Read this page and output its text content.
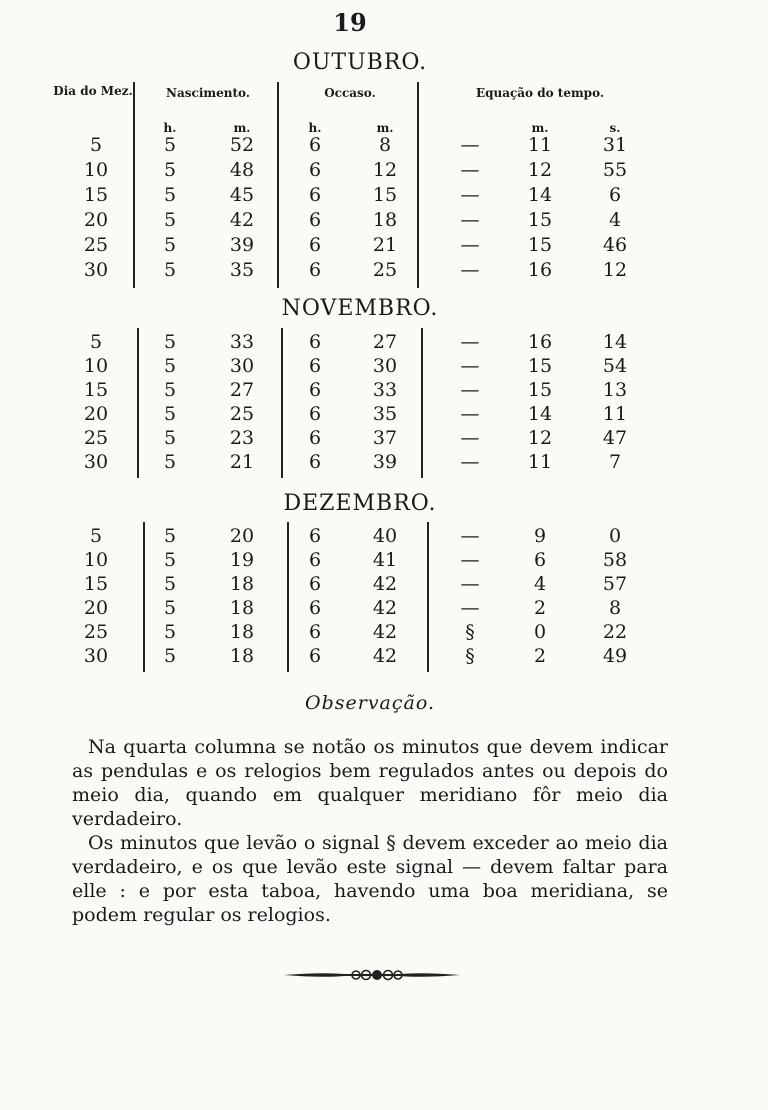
19
OUTUBRO.
Dia do Mez.	Nascimento.	Occaso.	Equação do tempo.
h.	m.	h.	m.	m.	s.
5	5	52	6	8	—	11	31
10	5	48	6	12	—	12	55
15	5	45	6	15	—	14	6
20	5	42	6	18	—	15	4
25	5	39	6	21	—	15	46
30	5	35	6	25	—	16	12
NOVEMBRO.
5	5	33	6	27	—	16	14
10	5	30	6	30	—	15	54
15	5	27	6	33	—	15	13
20	5	25	6	35	—	14	11
25	5	23	6	37	—	12	47
30	5	21	6	39	—	11	7
DEZEMBRO.
5	5	20	6	40	—	9	0
10	5	19	6	41	—	6	58
15	5	18	6	42	—	4	57
20	5	18	6	42	—	2	8
25	5	18	6	42	§	0	22
30	5	18	6	42	§	2	49
Observação.

Na quarta columna se notão os minutos que devem indicar as pendulas e os relogios bem regulados antes ou depois do meio dia, quando em qualquer meridiano fôr meio dia verdadeiro.

Os minutos que levão o signal § devem exceder ao meio dia verdadeiro, e os que levão este signal — devem faltar para elle : e por esta taboa, havendo uma boa meridiana, se podem regular os relogios.
